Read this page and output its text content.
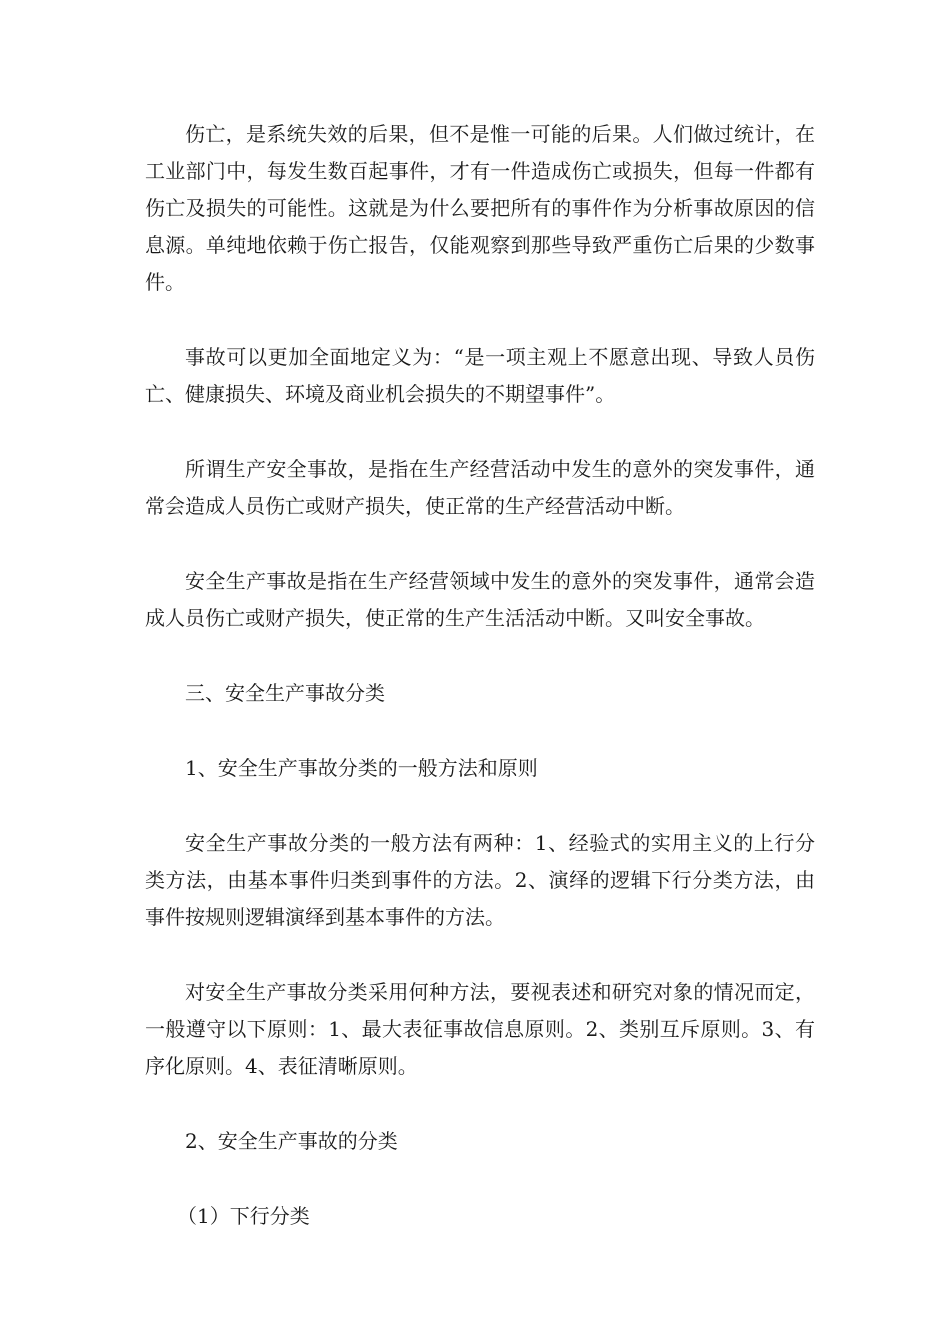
伤亡，是系统失效的后果，但不是惟一可能的后果。人们做过统计，在工业部门中，每发生数百起事件，才有一件造成伤亡或损失，但每一件都有伤亡及损失的可能性。这就是为什么要把所有的事件作为分析事故原因的信息源。单纯地依赖于伤亡报告，仅能观察到那些导致严重伤亡后果的少数事件。

事故可以更加全面地定义为：“是一项主观上不愿意出现、导致人员伤亡、健康损失、环境及商业机会损失的不期望事件”。

所谓生产安全事故，是指在生产经营活动中发生的意外的突发事件，通常会造成人员伤亡或财产损失，使正常的生产经营活动中断。

安全生产事故是指在生产经营领域中发生的意外的突发事件，通常会造成人员伤亡或财产损失，使正常的生产生活活动中断。又叫安全事故。

三、安全生产事故分类

1、安全生产事故分类的一般方法和原则

安全生产事故分类的一般方法有两种：1、经验式的实用主义的上行分类方法，由基本事件归类到事件的方法。2、演绎的逻辑下行分类方法，由事件按规则逻辑演绎到基本事件的方法。

对安全生产事故分类采用何种方法，要视表述和研究对象的情况而定，一般遵守以下原则：1、最大表征事故信息原则。2、类别互斥原则。3、有序化原则。4、表征清晰原则。

2、安全生产事故的分类

（1）下行分类
